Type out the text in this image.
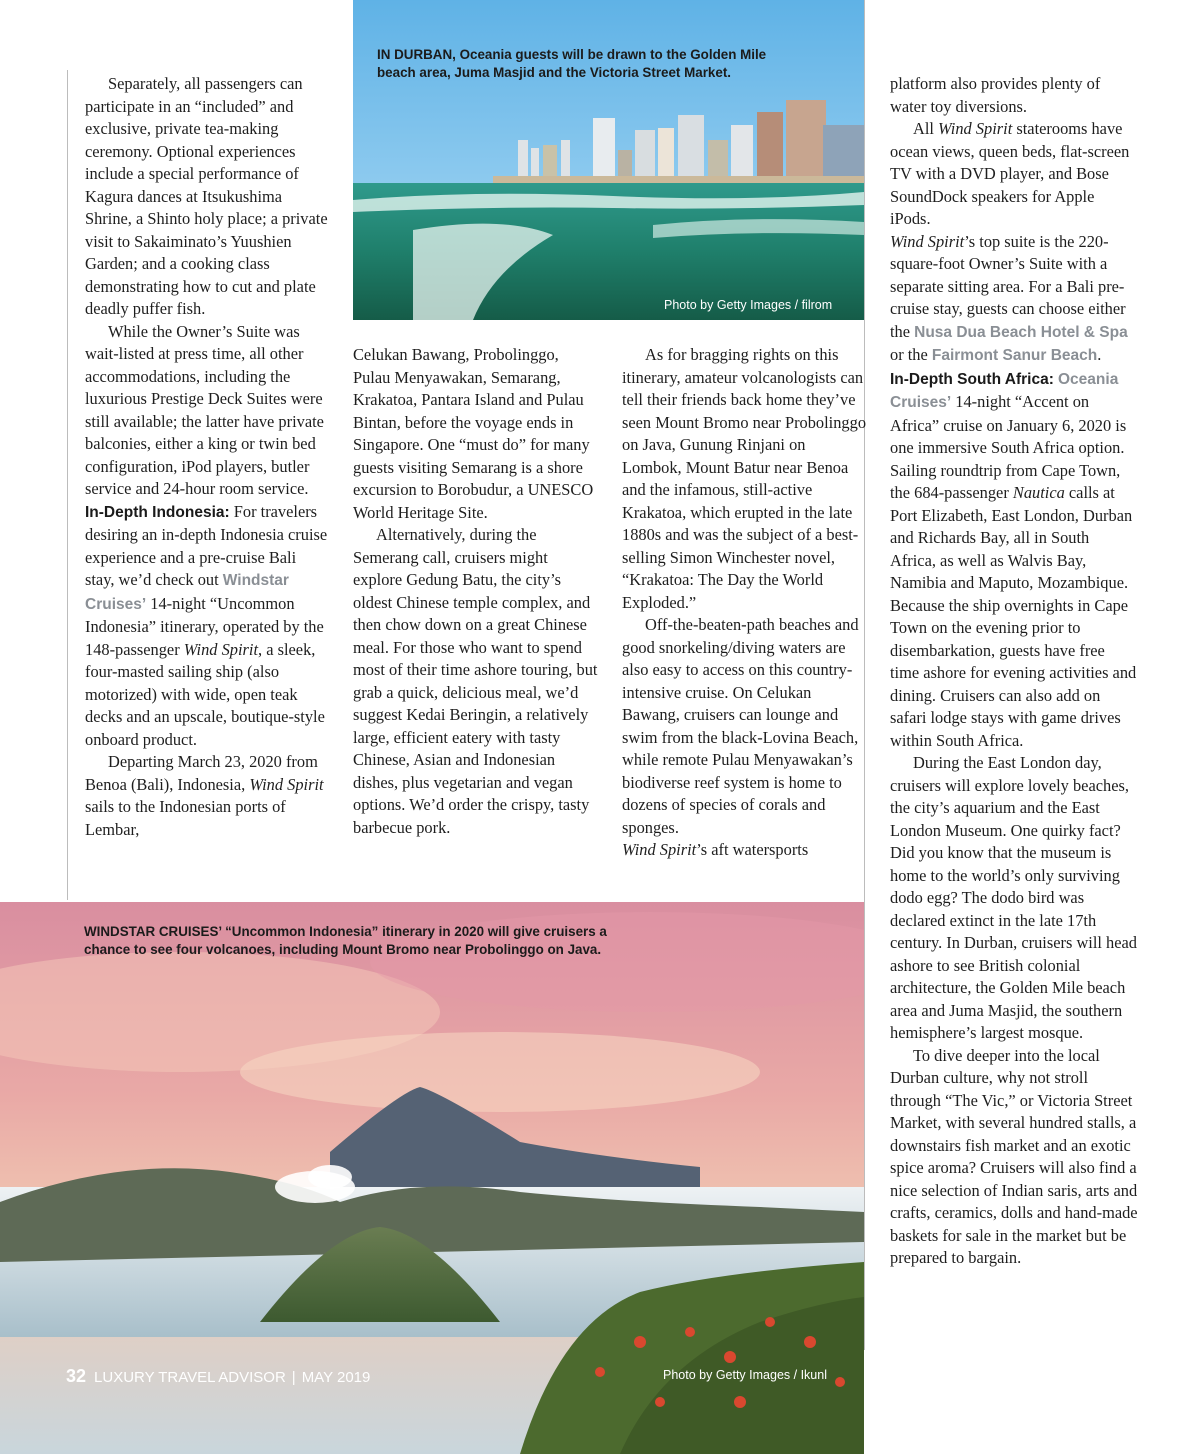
IN DURBAN, Oceania guests will be drawn to the Golden Mile
beach area, Juma Masjid and the Victoria Street Market.
Photo by Getty Images / filrom
WINDSTAR CRUISES’ “Uncommon Indonesia” itinerary in 2020 will give cruisers a
chance to see four volcanoes, including Mount Bromo near Probolinggo on Java.
Photo by Getty Images / Ikunl
32 LUXURY TRAVEL ADVISOR | MAY 2019

Separately, all passengers can participate in an “included” and exclusive, private tea-making ceremony. Optional experiences include a special performance of Kagura dances at Itsukushima Shrine, a Shinto holy place; a private visit to Sakaiminato’s Yuushien Garden; and a cooking class demonstrating how to cut and plate deadly puffer fish.

While the Owner’s Suite was wait-listed at press time, all other accommodations, including the luxurious Prestige Deck Suites were still available; the latter have private balconies, either a king or twin bed configuration, iPod players, butler service and 24-hour room service.

In-Depth Indonesia: For travelers desiring an in-depth Indonesia cruise experience and a pre-cruise Bali stay, we’d check out Windstar Cruises’ 14-night “Uncommon Indonesia” itinerary, operated by the 148-passenger Wind Spirit, a sleek, four-masted sailing ship (also motorized) with wide, open teak decks and an upscale, boutique-style onboard product.

Departing March 23, 2020 from Benoa (Bali), Indonesia, Wind Spirit sails to the Indonesian ports of Lembar,

Celukan Bawang, Probolinggo, Pulau Menyawakan, Semarang, Krakatoa, Pantara Island and Pulau Bintan, before the voyage ends in Singapore. One “must do” for many guests visiting Semarang is a shore excursion to Borobudur, a UNESCO World Heritage Site.

Alternatively, during the Semerang call, cruisers might explore Gedung Batu, the city’s oldest Chinese temple complex, and then chow down on a great Chinese meal. For those who want to spend most of their time ashore touring, but grab a quick, delicious meal, we’d suggest Kedai Beringin, a relatively large, efficient eatery with tasty Chinese, Asian and Indonesian dishes, plus vegetarian and vegan options. We’d order the crispy, tasty barbecue pork.

As for bragging rights on this itinerary, amateur volcanologists can tell their friends back home they’ve seen Mount Bromo near Probolinggo on Java, Gunung Rinjani on Lombok, Mount Batur near Benoa and the infamous, still-active Krakatoa, which erupted in the late 1880s and was the subject of a best-selling Simon Winchester novel, “Krakatoa: The Day the World Exploded.”

Off-the-beaten-path beaches and good snorkeling/diving waters are also easy to access on this country-intensive cruise. On Celukan Bawang, cruisers can lounge and swim from the black-Lovina Beach, while remote Pulau Menyawakan’s biodiverse reef system is home to dozens of species of corals and sponges.

Wind Spirit’s aft watersports

platform also provides plenty of water toy diversions.

All Wind Spirit staterooms have ocean views, queen beds, flat-screen TV with a DVD player, and Bose SoundDock speakers for Apple iPods.

Wind Spirit’s top suite is the 220-square-foot Owner’s Suite with a separate sitting area. For a Bali pre-cruise stay, guests can choose either the Nusa Dua Beach Hotel & Spa or the Fairmont Sanur Beach.

In-Depth South Africa: Oceania Cruises’ 14-night “Accent on Africa” cruise on January 6, 2020 is one immersive South Africa option. Sailing roundtrip from Cape Town, the 684-passenger Nautica calls at Port Elizabeth, East London, Durban and Richards Bay, all in South Africa, as well as Walvis Bay, Namibia and Maputo, Mozambique. Because the ship overnights in Cape Town on the evening prior to disembarkation, guests have free time ashore for evening activities and dining. Cruisers can also add on safari lodge stays with game drives within South Africa.

During the East London day, cruisers will explore lovely beaches, the city’s aquarium and the East London Museum. One quirky fact? Did you know that the museum is home to the world’s only surviving dodo egg? The dodo bird was declared extinct in the late 17th century. In Durban, cruisers will head ashore to see British colonial architecture, the Golden Mile beach area and Juma Masjid, the southern hemisphere’s largest mosque.

To dive deeper into the local Durban culture, why not stroll through “The Vic,” or Victoria Street Market, with several hundred stalls, a downstairs fish market and an exotic spice aroma? Cruisers will also find a nice selection of Indian saris, arts and crafts, ceramics, dolls and hand-made baskets for sale in the market but be prepared to bargain.
